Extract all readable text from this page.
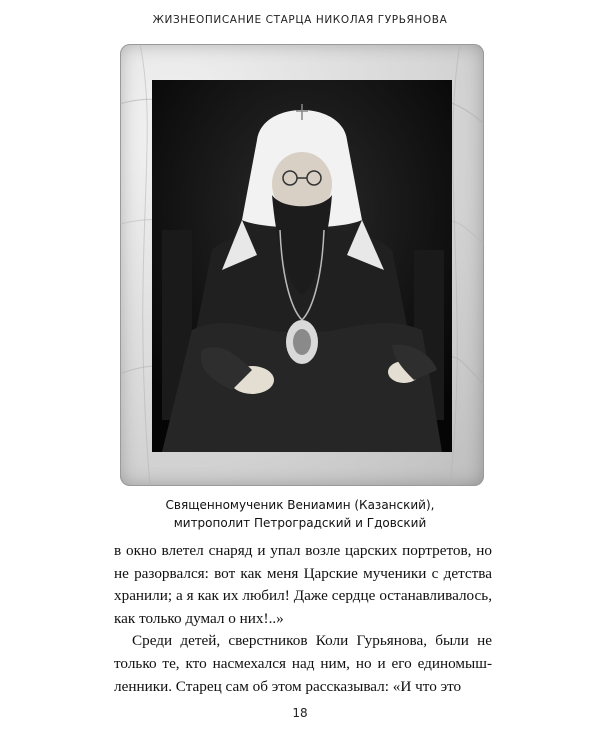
ЖИЗНЕОПИСАНИЕ СТАРЦА НИКОЛАЯ ГУРЬЯНОВА
Священномученик Вениамин (Казанский),
митрополит Петроградский и Гдовский

в окно влетел снаряд и упал возле царских портретов, но не разорвался: вот как меня Царские мученики с детства хранили; а я как их любил! Даже сердце останавливалось, как только думал о них!..»

Среди детей, сверстников Коли Гурьянова, были не только те, кто насмехался над ним, но и его единомышленники. Старец сам об этом рассказывал: «И что это

18
